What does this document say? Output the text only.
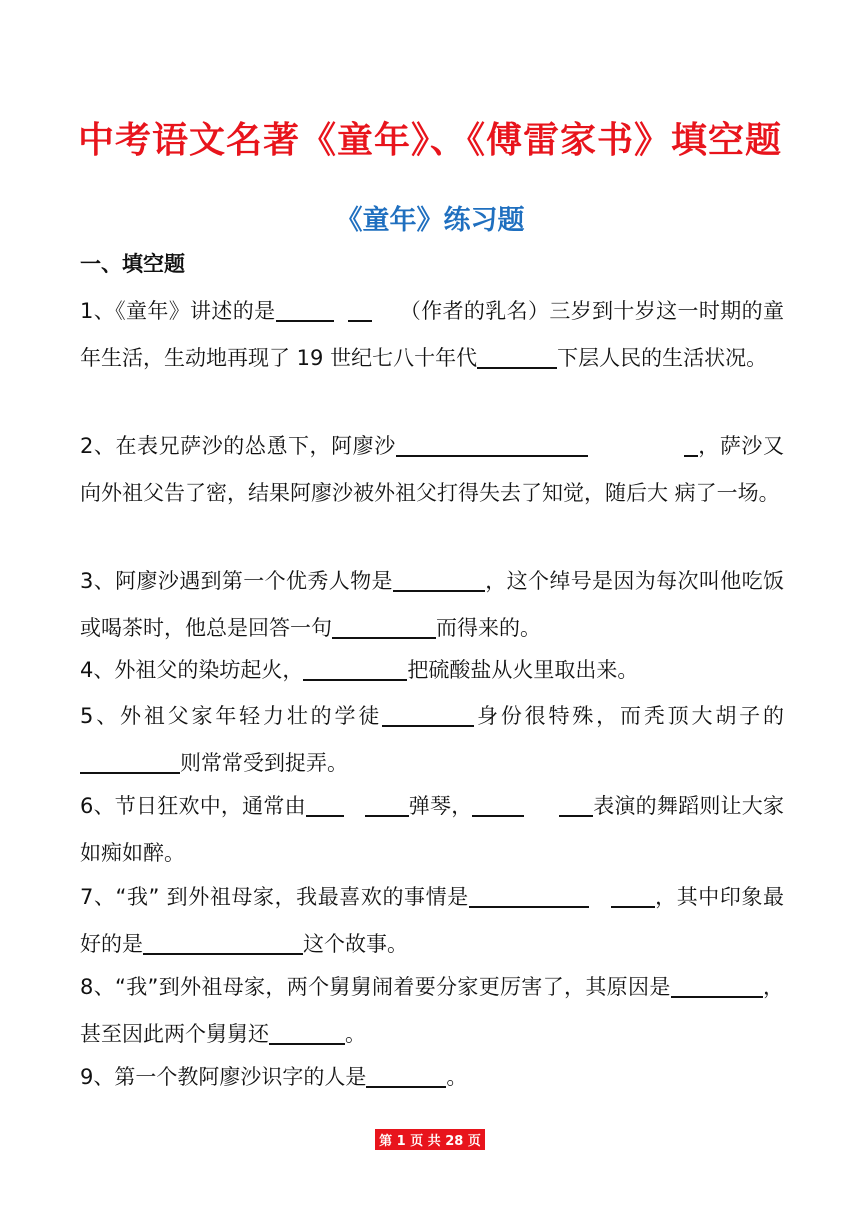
中考语文名著《童年》、《傅雷家书》填空题
《童年》练习题
一、填空题
1、《童年》讲述的是	（作者的乳名）三岁到十岁这一时期的童年生活，生动地再现了 19 世纪七八十年代	下层人民的生活状况。
2、在表兄萨沙的怂恿下，阿廖沙	，萨沙又向外祖父告了密，结果阿廖沙被外祖父打得失去了知觉，随后大 病了一场。
3、阿廖沙遇到第一个优秀人物是	，这个绰号是因为每次叫他吃饭或喝茶时，他总是回答一句	而得来的。
4、外祖父的染坊起火，	把硫酸盐从火里取出来。
5、外祖父家年轻力壮的学徒	身份很特殊，而秃顶大胡子的则常常受到捉弄。
6、节日狂欢中，通常由	弹琴，	表演的舞蹈则让大家如痴如醉。
7、“我” 到外祖母家，我最喜欢的事情是	，其中印象最好的是	这个故事。
8、“我”到外祖母家，两个舅舅闹着要分家更厉害了，其原因是	，甚至因此两个舅舅还	。
9、第一个教阿廖沙识字的人是	。
第 1 页 共 28 页
